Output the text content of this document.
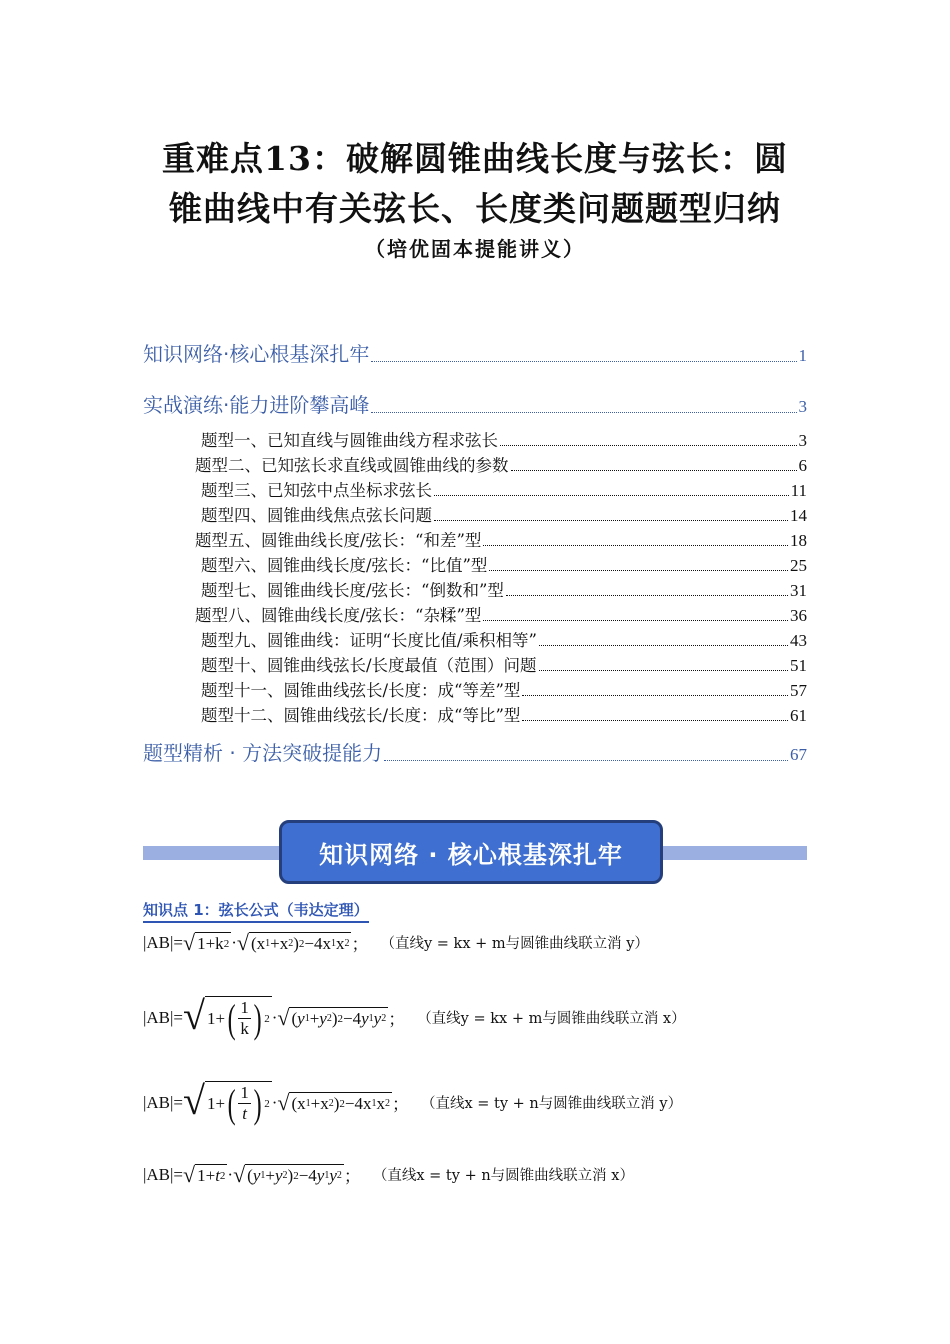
重难点13：破解圆锥曲线长度与弦长：圆
锥曲线中有关弦长、长度类问题题型归纳
（培优固本提能讲义）
知识网络·核心根基深扎牢	1
实战演练·能力进阶攀高峰	3
题型一、已知直线与圆锥曲线方程求弦长	3
题型二、已知弦长求直线或圆锥曲线的参数	6
题型三、已知弦中点坐标求弦长	11
题型四、圆锥曲线焦点弦长问题	14
题型五、圆锥曲线长度/弦长：“和差”型	18
题型六、圆锥曲线长度/弦长：“比值”型	25
题型七、圆锥曲线长度/弦长：“倒数和”型	31
题型八、圆锥曲线长度/弦长：“杂糅”型	36
题型九、圆锥曲线：证明“长度比值/乘积相等”	43
题型十、圆锥曲线弦长/长度最值（范围）问题	51
题型十一、圆锥曲线弦长/长度：成“等差”型	57
题型十二、圆锥曲线弦长/长度：成“等比”型	61
题型精析 · 方法突破提能力	67
知识网络 · 核心根基深扎牢
知识点 1：弦长公式（韦达定理）
|AB|= √ 1+k 2 · √ (x 1 +x 2 ) 2 −4x 1 x 2 ； （直线y = kx + m与圆锥曲线联立消 y）
|AB|= √ 1+ ( $\frac{1}{k}$ ) 2 · √ ( y 1 + y 2 ) 2 −4 y 1 y 2 ； （直线y = kx + m与圆锥曲线联立消 x）
|AB|= √ 1+ ( $\frac{1}{t}$ ) 2 · √ (x 1 +x 2 ) 2 −4x 1 x 2 ； （直线x = ty + n与圆锥曲线联立消 y）
|AB|= √ 1+ t 2 · √ ( y 1 + y 2 ) 2 −4 y 1 y 2 ； （直线x = ty + n与圆锥曲线联立消 x）
